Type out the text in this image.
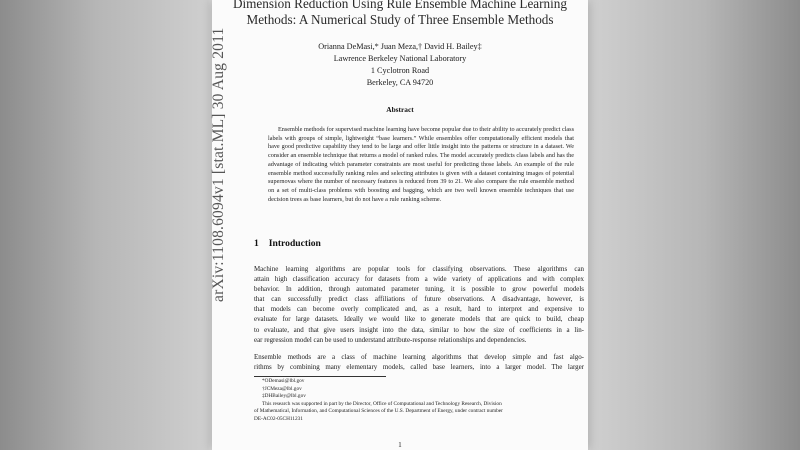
Dimension Reduction Using Rule Ensemble Machine Learning
Methods: A Numerical Study of Three Ensemble Methods
Orianna DeMasi,* Juan Meza,† David H. Bailey‡
Lawrence Berkeley National Laboratory
1 Cyclotron Road
Berkeley, CA 94720
Abstract
Ensemble methods for supervised machine learning have become popular due to their ability to accurately predict class labels with groups of simple, lightweight “base learners.” While ensembles offer computationally efficient models that have good predictive capability they tend to be large and offer little insight into the patterns or structure in a dataset. We consider an ensemble technique that returns a model of ranked rules. The model accurately predicts class labels and has the advantage of indicating which parameter constraints are most useful for predicting those labels. An example of the rule ensemble method successfully ranking rules and selecting attributes is given with a dataset containing images of potential supernovas where the number of necessary features is reduced from 39 to 21. We also compare the rule ensemble method on a set of multi-class problems with boosting and bagging, which are two well known ensemble techniques that use decision trees as base learners, but do not have a rule ranking scheme.
1 Introduction
Machine learning algorithms are popular tools for classifying observations. These algorithms can
attain high classification accuracy for datasets from a wide variety of applications and with complex
behavior. In addition, through automated parameter tuning, it is possible to grow powerful models
that can successfully predict class affiliations of future observations. A disadvantage, however, is
that models can become overly complicated and, as a result, hard to interpret and expensive to
evaluate for large datasets. Ideally we would like to generate models that are quick to build, cheap
to evaluate, and that give users insight into the data, similar to how the size of coefficients in a lin-
ear regression model can be used to understand attribute-response relationships and dependencies.
Ensemble methods are a class of machine learning algorithms that develop simple and fast algo-
rithms by combining many elementary models, called base learners, into a larger model. The larger
*ODemasi@lbl.gov
†JCMeza@lbl.gov
‡DHBailey@lbl.gov
This research was supported in part by the Director, Office of Computational and Technology Research, Division
of Mathematical, Information, and Computational Sciences of the U.S. Department of Energy, under contract number
DE-AC02-05CH11231
1
arXiv:1108.6094v1 [stat.ML] 30 Aug 2011
